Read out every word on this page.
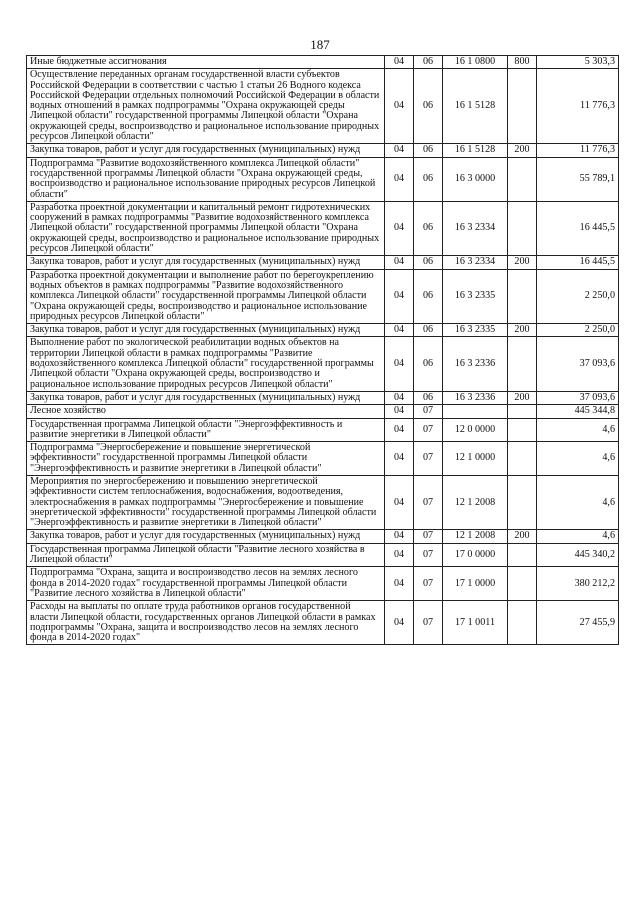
187
Иные бюджетные ассигнования	04	06	16 1 0800	800	5 303,3
Осуществление переданных органам государственной власти субъектов Российской Федерации в соответствии с частью 1 статьи 26 Водного кодекса Российской Федерации отдельных полномочий Российской Федерации в области водных отношений в рамках подпрограммы "Охрана окружающей среды Липецкой области" государственной программы Липецкой области "Охрана окружающей среды, воспроизводство и рациональное использование природных ресурсов Липецкой области"	04	06	16 1 5128		11 776,3
Закупка товаров, работ и услуг для государственных (муниципальных) нужд	04	06	16 1 5128	200	11 776,3
Подпрограмма "Развитие водохозяйственного комплекса Липецкой области" государственной программы Липецкой области "Охрана окружающей среды, воспроизводство и рациональное использование природных ресурсов Липецкой области"	04	06	16 3 0000		55 789,1
Разработка проектной документации и капитальный ремонт гидротехнических сооружений в рамках подпрограммы "Развитие водохозяйственного комплекса Липецкой области" государственной программы Липецкой области "Охрана окружающей среды, воспроизводство и рациональное использование природных ресурсов Липецкой области"	04	06	16 3 2334		16 445,5
Закупка товаров, работ и услуг для государственных (муниципальных) нужд	04	06	16 3 2334	200	16 445,5
Разработка проектной документации и выполнение работ по берегоукреплению водных объектов в рамках подпрограммы "Развитие водохозяйственного комплекса Липецкой области" государственной программы Липецкой области "Охрана окружающей среды, воспроизводство и рациональное использование природных ресурсов Липецкой области"	04	06	16 3 2335		2 250,0
Закупка товаров, работ и услуг для государственных (муниципальных) нужд	04	06	16 3 2335	200	2 250,0
Выполнение работ по экологической реабилитации водных объектов на территории Липецкой области в рамках подпрограммы "Развитие водохозяйственного комплекса Липецкой области" государственной программы Липецкой области "Охрана окружающей среды, воспроизводство и рациональное использование природных ресурсов Липецкой области"	04	06	16 3 2336		37 093,6
Закупка товаров, работ и услуг для государственных (муниципальных) нужд	04	06	16 3 2336	200	37 093,6
Лесное хозяйство	04	07			445 344,8
Государственная программа Липецкой области "Энергоэффективность и развитие энергетики в Липецкой области"	04	07	12 0 0000		4,6
Подпрограмма "Энергосбережение и повышение энергетической эффективности" государственной программы Липецкой области "Энергоэффективность и развитие энергетики в Липецкой области"	04	07	12 1 0000		4,6
Мероприятия по энергосбережению и повышению энергетической эффективности систем теплоснабжения, водоснабжения, водоотведения, электроснабжения в рамках подпрограммы "Энергосбережение и повышение энергетической эффективности" государственной программы Липецкой области "Энергоэффективность и развитие энергетики в Липецкой области"	04	07	12 1 2008		4,6
Закупка товаров, работ и услуг для государственных (муниципальных) нужд	04	07	12 1 2008	200	4,6
Государственная программа Липецкой области "Развитие лесного хозяйства в Липецкой области"	04	07	17 0 0000		445 340,2
Подпрограмма "Охрана, защита и воспроизводство лесов на землях лесного фонда в 2014-2020 годах" государственной программы Липецкой области "Развитие лесного хозяйства в Липецкой области"	04	07	17 1 0000		380 212,2
Расходы на выплаты по оплате труда работников органов государственной власти Липецкой области, государственных органов Липецкой области в рамках подпрограммы "Охрана, защита и воспроизводство лесов на землях лесного фонда в 2014-2020 годах"	04	07	17 1 0011		27 455,9
